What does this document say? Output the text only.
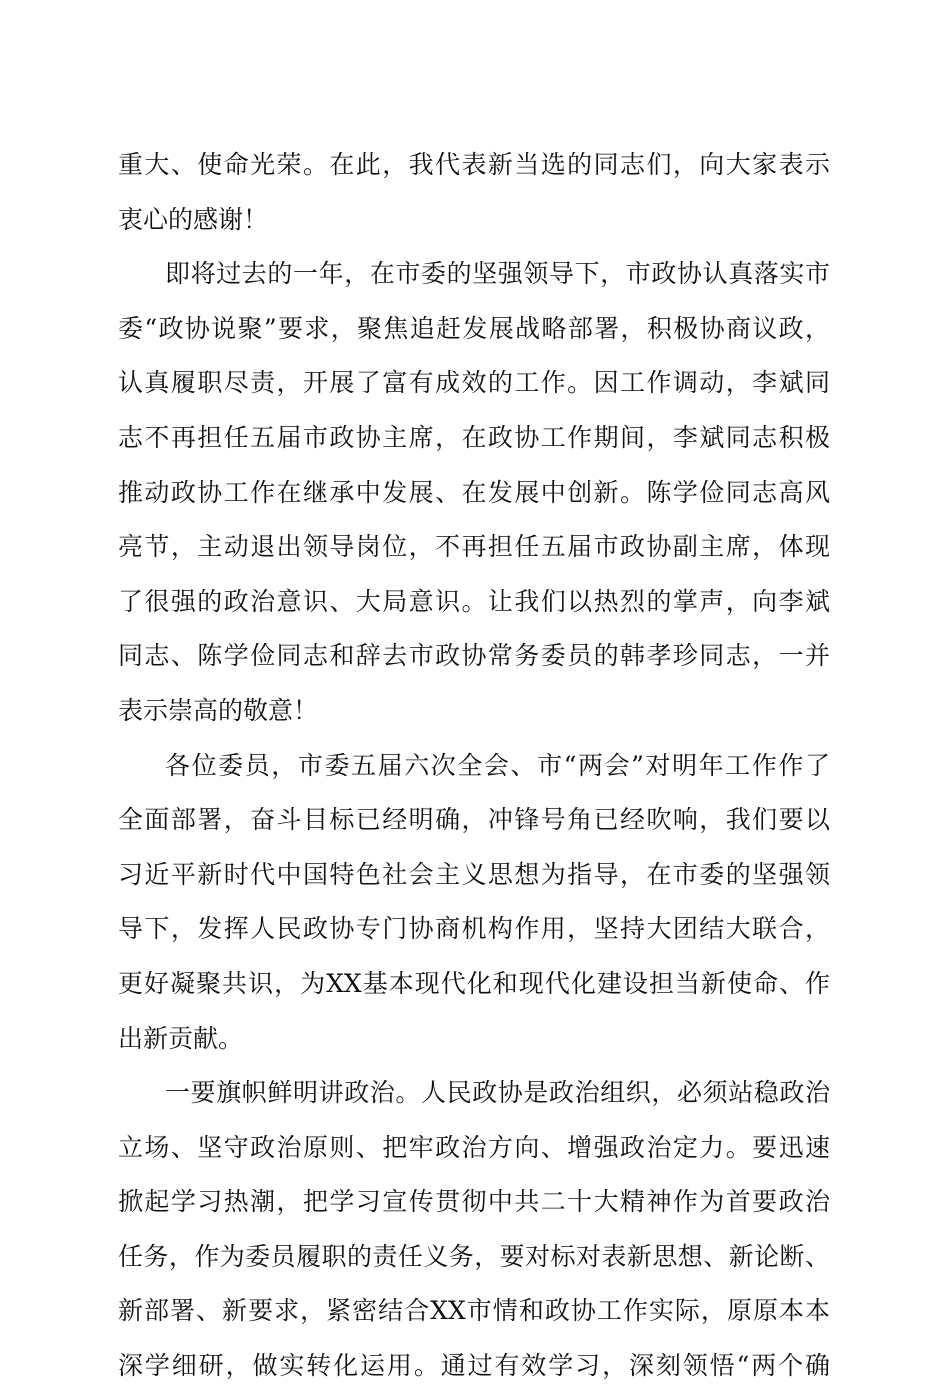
重大、使命光荣。在此，我代表新当选的同志们，向大家表示
衷心的感谢！
即将过去的一年，在市委的坚强领导下，市政协认真落实市
委“政协说聚”要求，聚焦追赶发展战略部署，积极协商议政，
认真履职尽责，开展了富有成效的工作。因工作调动，李斌同
志不再担任五届市政协主席，在政协工作期间，李斌同志积极
推动政协工作在继承中发展、在发展中创新。陈学俭同志高风
亮节，主动退出领导岗位，不再担任五届市政协副主席，体现
了很强的政治意识、大局意识。让我们以热烈的掌声，向李斌
同志、陈学俭同志和辞去市政协常务委员的韩孝珍同志，一并
表示崇高的敬意！
各位委员，市委五届六次全会、市“两会”对明年工作作了
全面部署，奋斗目标已经明确，冲锋号角已经吹响，我们要以
习近平新时代中国特色社会主义思想为指导，在市委的坚强领
导下，发挥人民政协专门协商机构作用，坚持大团结大联合，
更好凝聚共识，为XX基本现代化和现代化建设担当新使命、作
出新贡献。
一要旗帜鲜明讲政治。人民政协是政治组织，必须站稳政治
立场、坚守政治原则、把牢政治方向、增强政治定力。要迅速
掀起学习热潮，把学习宣传贯彻中共二十大精神作为首要政治
任务，作为委员履职的责任义务，要对标对表新思想、新论断、
新部署、新要求，紧密结合XX市情和政协工作实际，原原本本
深学细研，做实转化运用。通过有效学习，深刻领悟“两个确
